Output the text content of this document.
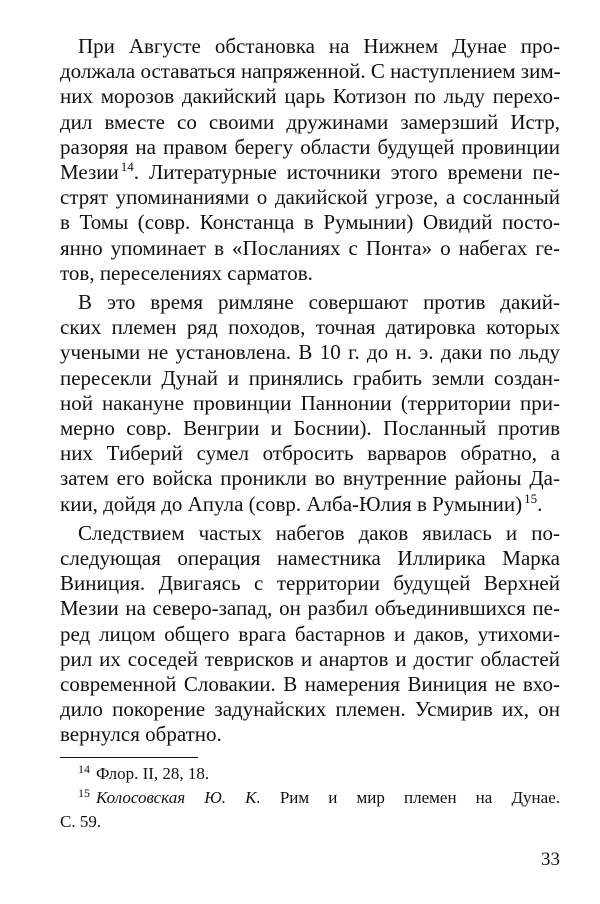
При Августе обстановка на Нижнем Дунае про-
должала оставаться напряженной. С наступлением зим-
них морозов дакийский царь Котизон по льду перехо-
дил вместе со своими дружинами замерзший Истр,
разоряя на правом берегу области будущей провинции
Мезии $^{14}$. Литературные источники этого времени пе-
стрят упоминаниями о дакийской угрозе, а сосланный
в Томы (совр. Констанца в Румынии) Овидий посто-
янно упоминает в «Посланиях с Понта» о набегах ге-
тов, переселениях сарматов.

В это время римляне совершают против дакий-
ских племен ряд походов, точная датировка которых
учеными не установлена. В 10 г. до н. э. даки по льду
пересекли Дунай и принялись грабить земли создан-
ной накануне провинции Паннонии (территории при-
мерно совр. Венгрии и Боснии). Посланный против
них Тиберий сумел отбросить варваров обратно, а
затем его войска проникли во внутренние районы Да-
кии, дойдя до Апула (совр. Алба-Юлия в Румынии) $^{15}$.

Следствием частых набегов даков явилась и по-
следующая операция наместника Иллирика Марка
Виниция. Двигаясь с территории будущей Верхней
Мезии на северо-запад, он разбил объединившихся пе-
ред лицом общего врага бастарнов и даков, утихоми-
рил их соседей теврисков и анартов и достиг областей
современной Словакии. В намерения Виниция не вхо-
дило покорение задунайских племен. Усмирив их, он
вернулся обратно.

$^{14}$ Флор. II, 28, 18.
$^{15}$ Колосовская Ю. К. Рим и мир племен на Дунае.
С. 59.
33
